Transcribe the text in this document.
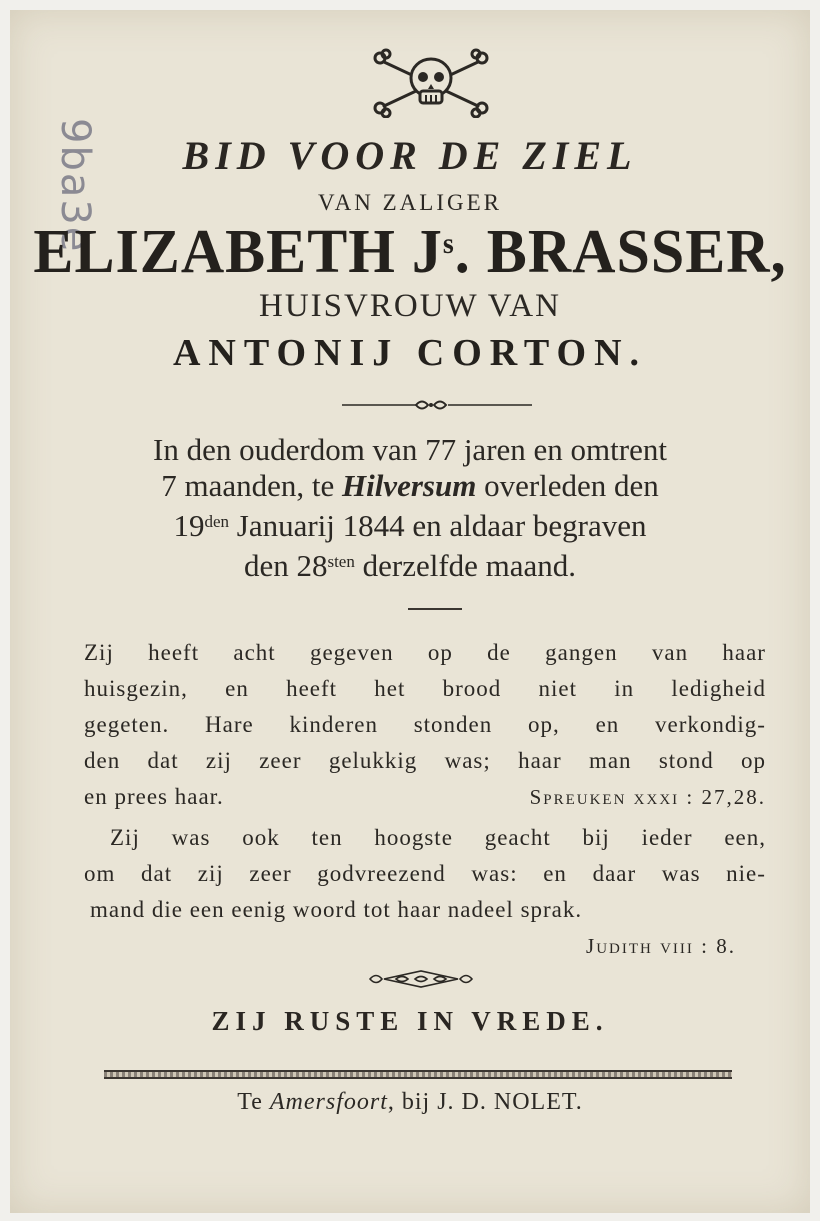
9ba3e	BID VOOR DE ZIEL
VAN ZALIGER
ELIZABETH $J^s$. BRASSER,
HUISVROUW VAN
ANTONIJ CORTON.
In den ouderdom van 77 jaren en omtrent
7 maanden, te Hilversum overleden den
$19^{den}$ Januarij 1844 en aldaar begraven
den $28^{sten}$ derzelfde maand.
Zij heeft acht gegeven op de gangen van haar
huisgezin, en heeft het brood niet in ledigheid
gegeten. Hare kinderen stonden op, en verkondig-
den dat zij zeer gelukkig was; haar man stond op
en prees haar.	Spreuken xxxi : 27,28.
Zij was ook ten hoogste geacht bij ieder een,
om dat zij zeer godvreezend was: en daar was nie-
mand die een eenig woord tot haar nadeel sprak.
Judith viii : 8.
ZIJ RUSTE IN VREDE.
Te Amersfoort, bij J. D. NOLET.
